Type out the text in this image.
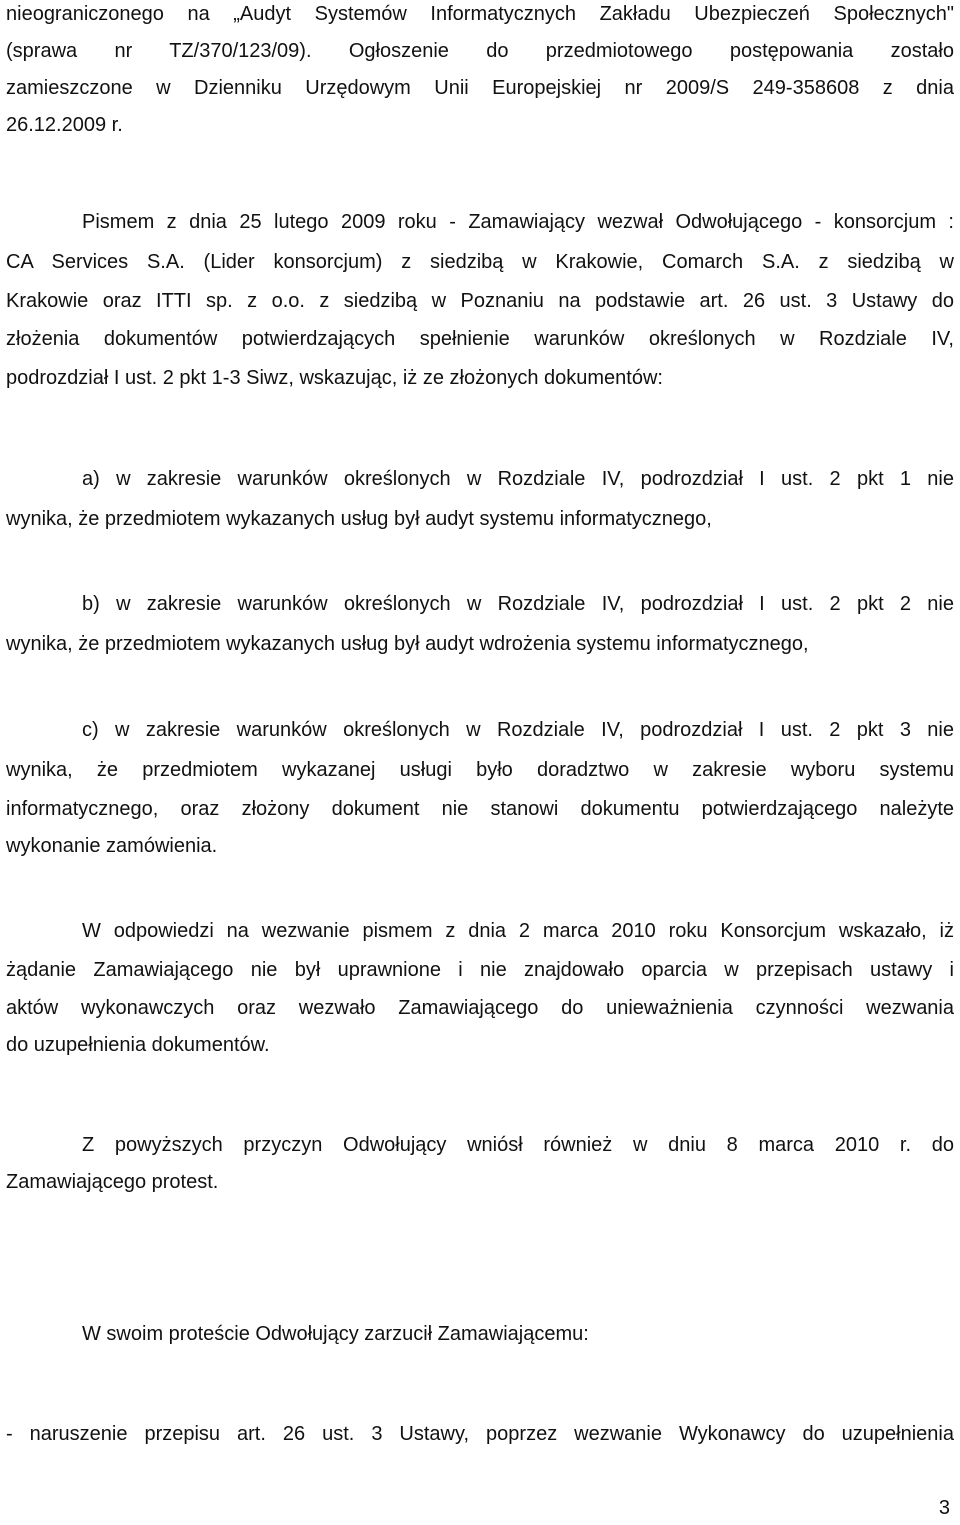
nieograniczonego na „Audyt Systemów Informatycznych Zakładu Ubezpieczeń Społecznych"
(sprawa nr TZ/370/123/09). Ogłoszenie do przedmiotowego postępowania zostało
zamieszczone w Dzienniku Urzędowym Unii Europejskiej nr 2009/S 249-358608 z dnia
26.12.2009 r.
Pismem z dnia 25 lutego 2009 roku - Zamawiający wezwał Odwołującego - konsorcjum :
CA Services S.A. (Lider konsorcjum) z siedzibą w Krakowie, Comarch S.A. z siedzibą w
Krakowie oraz ITTI sp. z o.o. z siedzibą w Poznaniu na podstawie art. 26 ust. 3 Ustawy do
złożenia dokumentów potwierdzających spełnienie warunków określonych w Rozdziale IV,
podrozdział I ust. 2 pkt 1-3 Siwz, wskazując, iż ze złożonych dokumentów:
a) w zakresie warunków określonych w Rozdziale IV, podrozdział I ust. 2 pkt 1 nie
wynika, że przedmiotem wykazanych usług był audyt systemu informatycznego,
b) w zakresie warunków określonych w Rozdziale IV, podrozdział I ust. 2 pkt 2 nie
wynika, że przedmiotem wykazanych usług był audyt wdrożenia systemu informatycznego,
c) w zakresie warunków określonych w Rozdziale IV, podrozdział I ust. 2 pkt 3 nie
wynika, że przedmiotem wykazanej usługi było doradztwo w zakresie wyboru systemu
informatycznego, oraz złożony dokument nie stanowi dokumentu potwierdzającego należyte
wykonanie zamówienia.
W odpowiedzi na wezwanie pismem z dnia 2 marca 2010 roku Konsorcjum wskazało, iż
żądanie Zamawiającego nie był uprawnione i nie znajdowało oparcia w przepisach ustawy i
aktów wykonawczych oraz wezwało Zamawiającego do unieważnienia czynności wezwania
do uzupełnienia dokumentów.
Z powyższych przyczyn Odwołujący wniósł również w dniu 8 marca 2010 r. do
Zamawiającego protest.
W swoim proteście Odwołujący zarzucił Zamawiającemu:
- naruszenie przepisu art. 26 ust. 3 Ustawy, poprzez wezwanie Wykonawcy do uzupełnienia
3
